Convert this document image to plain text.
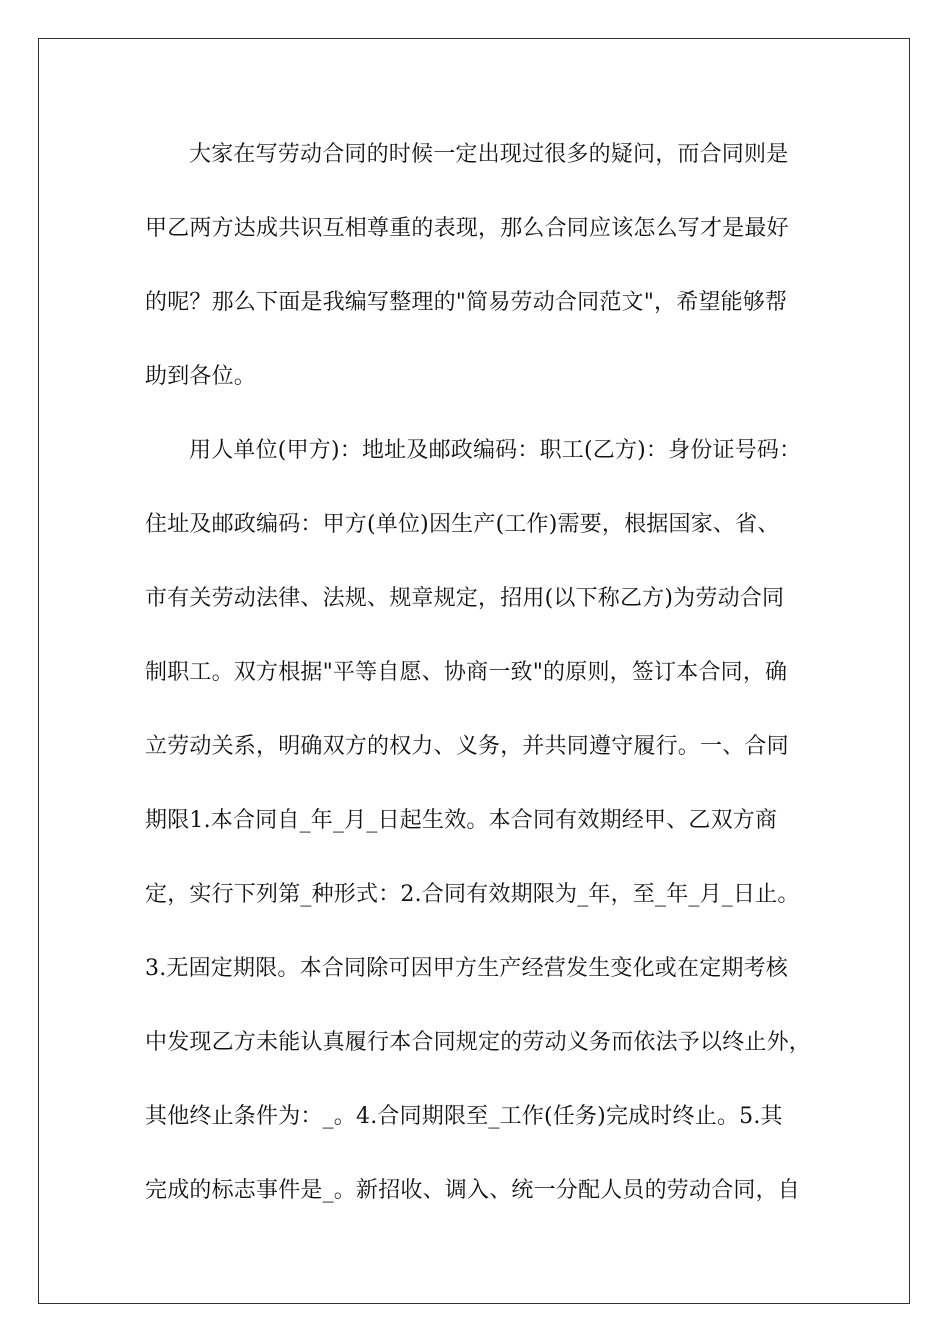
大家在写劳动合同的时候一定出现过很多的疑问，而合同则是
甲乙两方达成共识互相尊重的表现，那么合同应该怎么写才是最好
的呢？那么下面是我编写整理的"简易劳动合同范文"，希望能够帮
助到各位。
用人单位(甲方)：地址及邮政编码：职工(乙方)：身份证号码：
住址及邮政编码：甲方(单位)因生产(工作)需要，根据国家、省、
市有关劳动法律、法规、规章规定，招用(以下称乙方)为劳动合同
制职工。双方根据"平等自愿、协商一致"的原则，签订本合同，确
立劳动关系，明确双方的权力、义务，并共同遵守履行。一、合同
期限1.本合同自_年_月_日起生效。本合同有效期经甲、乙双方商
定，实行下列第_种形式：2.合同有效期限为_年，至_年_月_日止。
3.无固定期限。本合同除可因甲方生产经营发生变化或在定期考核
中发现乙方未能认真履行本合同规定的劳动义务而依法予以终止外，
其他终止条件为：_。4.合同期限至_工作(任务)完成时终止。5.其
完成的标志事件是_。新招收、调入、统一分配人员的劳动合同，自
